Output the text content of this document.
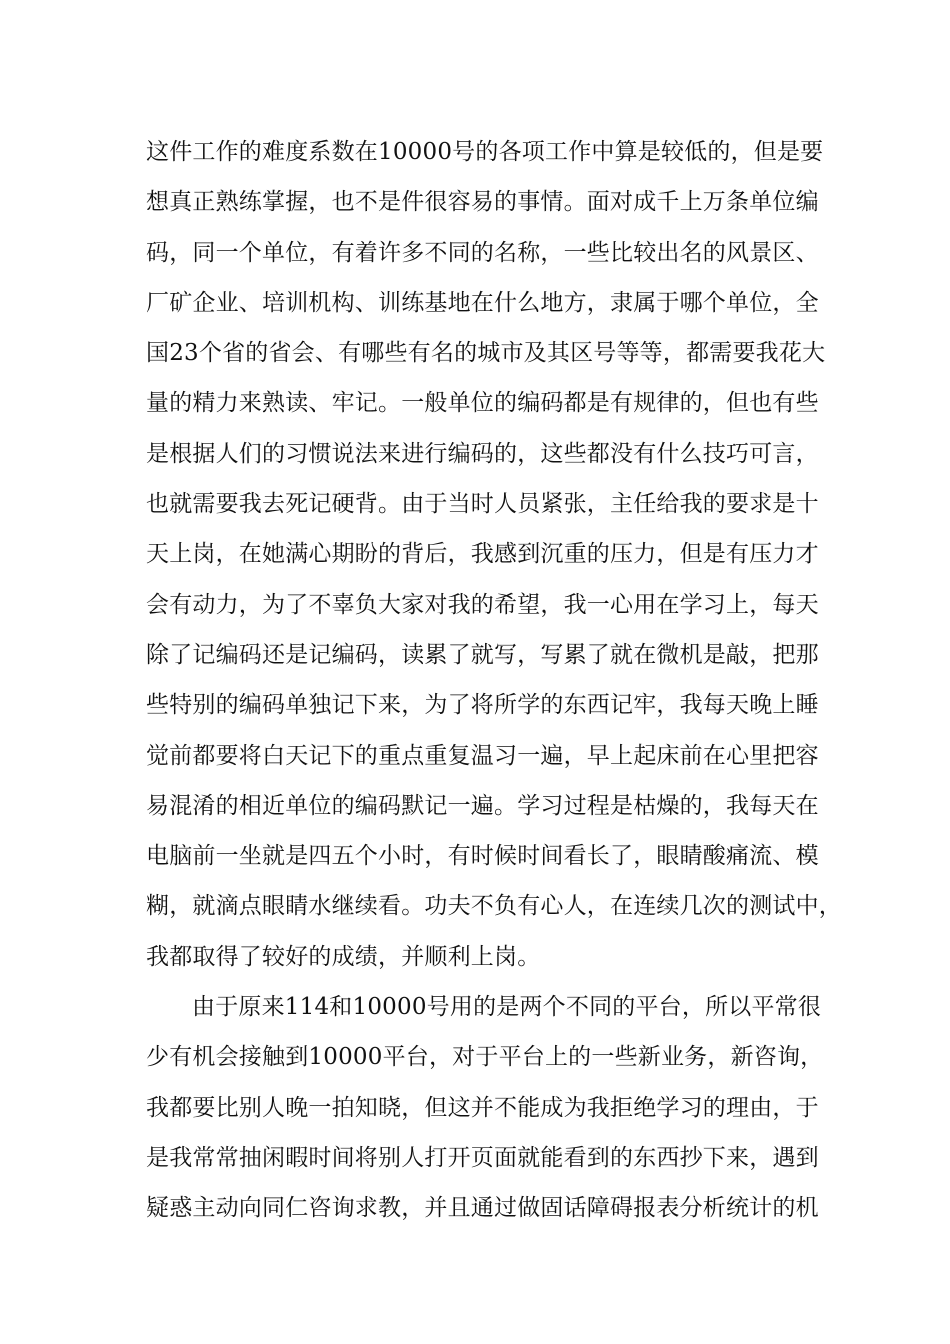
这件工作的难度系数在10000号的各项工作中算是较低的，但是要
想真正熟练掌握，也不是件很容易的事情。面对成千上万条单位编
码，同一个单位，有着许多不同的名称，一些比较出名的风景区、
厂矿企业、培训机构、训练基地在什么地方，隶属于哪个单位，全
国23个省的省会、有哪些有名的城市及其区号等等，都需要我花大
量的精力来熟读、牢记。一般单位的编码都是有规律的，但也有些
是根据人们的习惯说法来进行编码的，这些都没有什么技巧可言，
也就需要我去死记硬背。由于当时人员紧张，主任给我的要求是十
天上岗，在她满心期盼的背后，我感到沉重的压力，但是有压力才
会有动力，为了不辜负大家对我的希望，我一心用在学习上，每天
除了记编码还是记编码，读累了就写，写累了就在微机是敲，把那
些特别的编码单独记下来，为了将所学的东西记牢，我每天晚上睡
觉前都要将白天记下的重点重复温习一遍，早上起床前在心里把容
易混淆的相近单位的编码默记一遍。学习过程是枯燥的，我每天在
电脑前一坐就是四五个小时，有时候时间看长了，眼睛酸痛流、模
糊，就滴点眼睛水继续看。功夫不负有心人，在连续几次的测试中，
我都取得了较好的成绩，并顺利上岗。
由于原来114和10000号用的是两个不同的平台，所以平常很
少有机会接触到10000平台，对于平台上的一些新业务，新咨询，
我都要比别人晚一拍知晓，但这并不能成为我拒绝学习的理由，于
是我常常抽闲暇时间将别人打开页面就能看到的东西抄下来，遇到
疑惑主动向同仁咨询求教，并且通过做固话障碍报表分析统计的机
